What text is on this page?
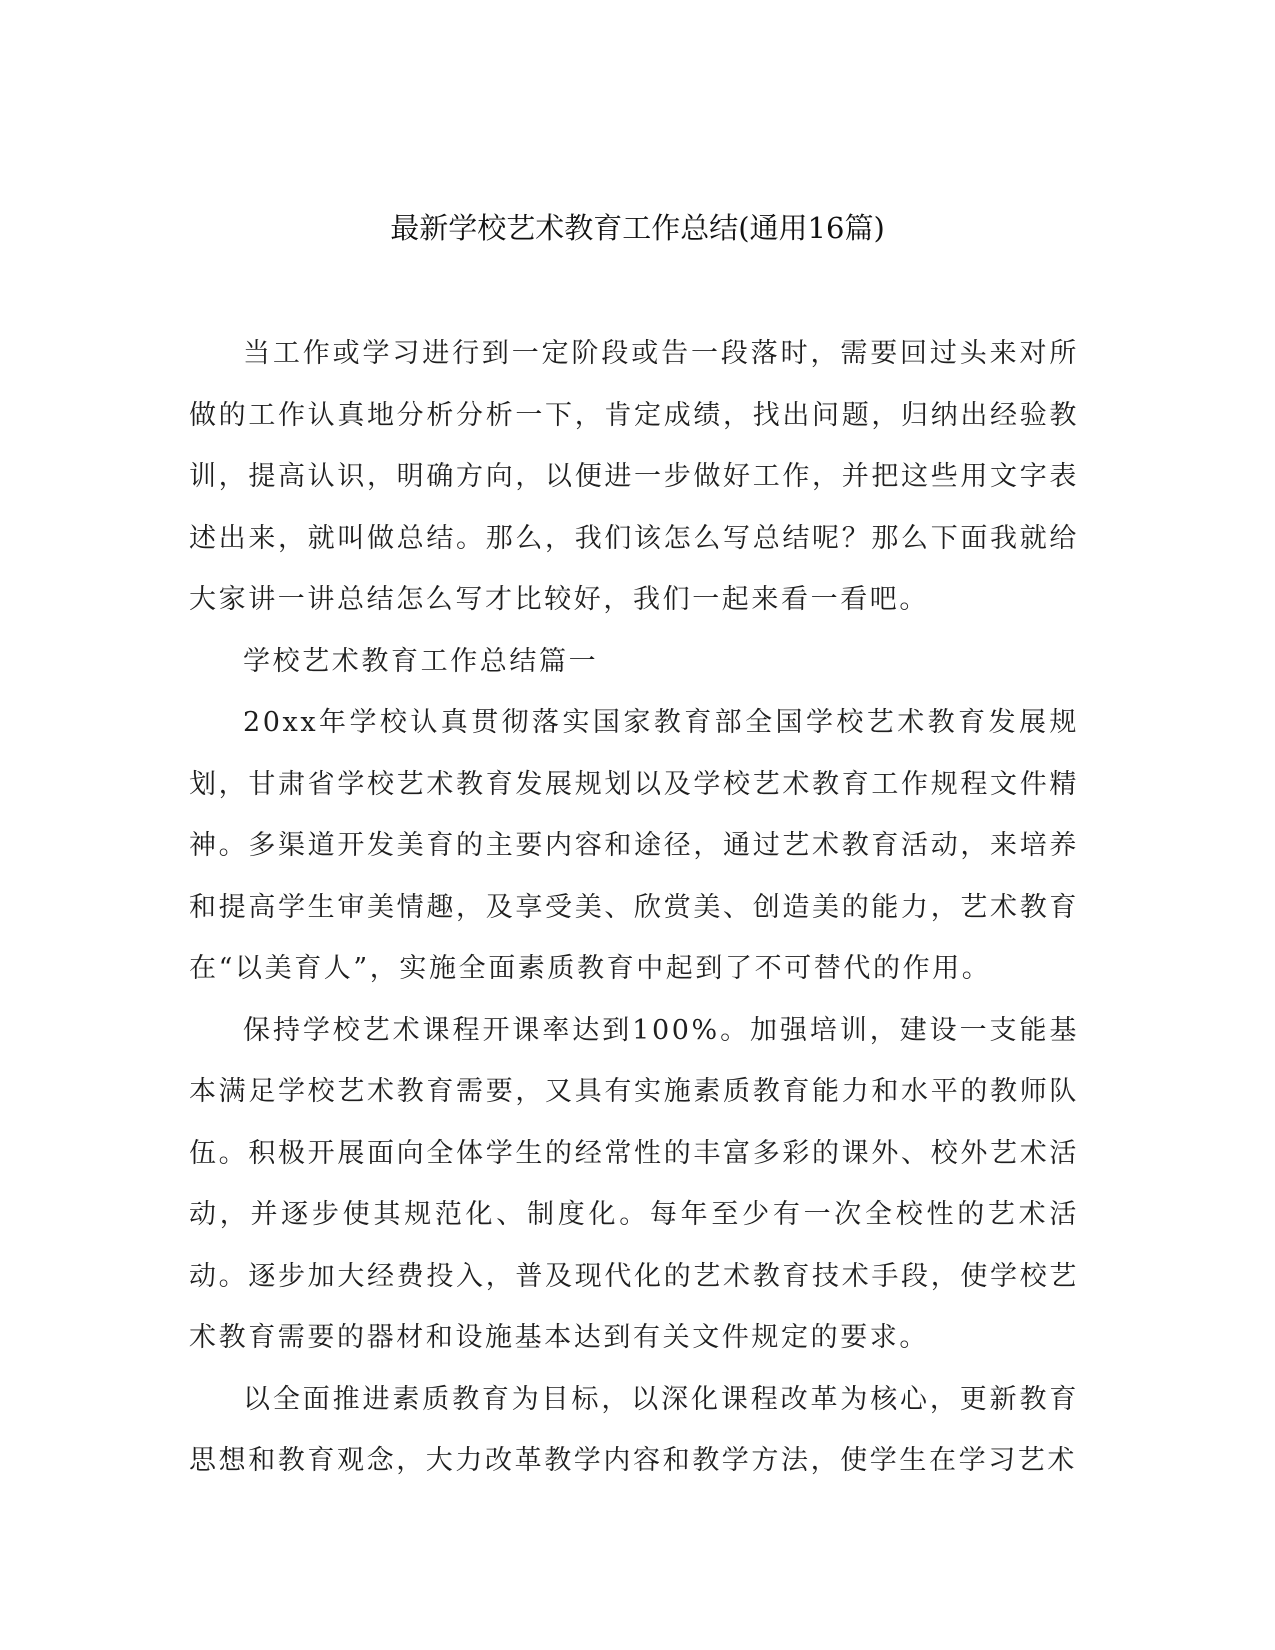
最新学校艺术教育工作总结(通用16篇)

当工作或学习进行到一定阶段或告一段落时，需要回过头来对所做的工作认真地分析分析一下，肯定成绩，找出问题，归纳出经验教训，提高认识，明确方向，以便进一步做好工作，并把这些用文字表述出来，就叫做总结。那么，我们该怎么写总结呢？那么下面我就给大家讲一讲总结怎么写才比较好，我们一起来看一看吧。

学校艺术教育工作总结篇一

20xx年学校认真贯彻落实国家教育部全国学校艺术教育发展规划，甘肃省学校艺术教育发展规划以及学校艺术教育工作规程文件精神。多渠道开发美育的主要内容和途径，通过艺术教育活动，来培养和提高学生审美情趣，及享受美、欣赏美、创造美的能力，艺术教育在“以美育人”，实施全面素质教育中起到了不可替代的作用。

保持学校艺术课程开课率达到100%。加强培训，建设一支能基本满足学校艺术教育需要，又具有实施素质教育能力和水平的教师队伍。积极开展面向全体学生的经常性的丰富多彩的课外、校外艺术活动，并逐步使其规范化、制度化。每年至少有一次全校性的艺术活动。逐步加大经费投入，普及现代化的艺术教育技术手段，使学校艺术教育需要的器材和设施基本达到有关文件规定的要求。

以全面推进素质教育为目标，以深化课程改革为核心，更新教育思想和教育观念，大力改革教学内容和教学方法，使学生在学习艺术
